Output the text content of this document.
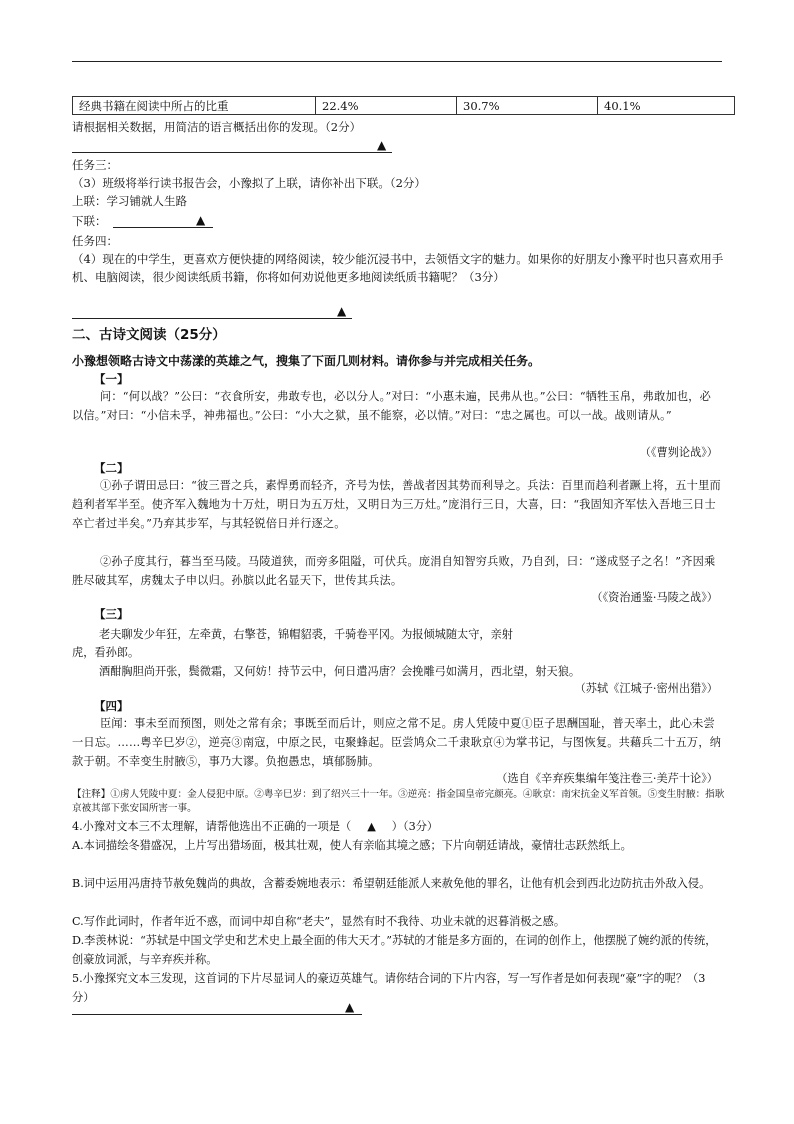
经典书籍在阅读中所占的比重	22.4%	30.7%	40.1%
请根据相关数据，用简洁的语言概括出你的发现。（2分）
▲
任务三：
（3）班级将举行读书报告会，小豫拟了上联，请你补出下联。（2分）
上联：学习铺就人生路
下联：	▲
任务四：
（4）现在的中学生，更喜欢方便快捷的网络阅读，较少能沉浸书中，去领悟文字的魅力。如果你的好朋友小豫平时也只喜欢用手机、电脑阅读，很少阅读纸质书籍，你将如何劝说他更多地阅读纸质书籍呢？（3分）
▲
二、古诗文阅读（25分）
小豫想领略古诗文中荡漾的英雄之气，搜集了下面几则材料。请你参与并完成相关任务。
【一】
问：“何以战？”公曰：“衣食所安，弗敢专也，必以分人。”对曰：“小惠未遍，民弗从也。”公曰：“牺牲玉帛，弗敢加也，必以信。”对曰：“小信未孚，神弗福也。”公曰：“小大之狱，虽不能察，必以情。”对曰：“忠之属也。可以一战。战则请从。”
（《曹刿论战》）
【二】
①孙子谓田忌曰：“彼三晋之兵，素悍勇而轻齐，齐号为怯，善战者因其势而利导之。兵法：百里而趋利者蹶上将，五十里而趋利者军半至。使齐军入魏地为十万灶，明日为五万灶，又明日为三万灶。”庞涓行三日，大喜，曰：“我固知齐军怯入吾地三日士卒亡者过半矣。”乃弃其步军，与其轻锐倍日并行逐之。
②孙子度其行，暮当至马陵。马陵道狭，而旁多阻隘，可伏兵。庞涓自知智穷兵败，乃自刭，曰：“遂成竖子之名！”齐因乘胜尽破其军，虏魏太子申以归。孙膑以此名显天下，世传其兵法。
（《资治通鉴·马陵之战》）
【三】
老夫聊发少年狂，左牵黄，右擎苍，锦帽貂裘，千骑卷平冈。为报倾城随太守，亲射
虎，看孙郎。
酒酣胸胆尚开张，鬓微霜，又何妨！持节云中，何日遣冯唐？会挽雕弓如满月，西北望，射天狼。
（苏轼《江城子·密州出猎》）
【四】
臣闻：事未至而预图，则处之常有余；事既至而后计，则应之常不足。虏人凭陵中夏①臣子思酬国耻，普天率土，此心未尝一日忘。……粤辛巳岁②，逆亮③南寇，中原之民，屯聚蜂起。臣尝鸠众二千隶耿京④为掌书记，与图恢复。共藉兵二十五万，纳款于朝。不幸变生肘腋⑤，事乃大谬。负抱愚忠，填郁肠肺。
（选自《辛弃疾集编年笺注卷三·美芹十论》）
【注释】①虏人凭陵中夏：金人侵犯中原。②粤辛巳岁：到了绍兴三十一年。③逆亮：指金国皇帝完颜亮。④耿京：南宋抗金义军首领。⑤变生肘腋：指耿京被其部下张安国所害一事。
4.小豫对文本三不太理解，请帮他选出不正确的一项是（ ▲ ）（3分）
A.本词描绘冬猎盛况，上片写出猎场面，极其壮观，使人有亲临其境之感；下片向朝廷请战，豪情壮志跃然纸上。
B.词中运用冯唐持节赦免魏尚的典故，含蓄委婉地表示：希望朝廷能派人来赦免他的罪名，让他有机会到西北边防抗击外敌入侵。
C.写作此词时，作者年近不惑，而词中却自称“老夫”，显然有时不我待、功业未就的迟暮消极之感。
D.李羡林说：“苏轼是中国文学史和艺术史上最全面的伟大天才。”苏轼的才能是多方面的，在词的创作上，他摆脱了婉约派的传统，创豪放词派，与辛弃疾并称。
5.小豫探究文本三发现，这首词的下片尽显词人的豪迈英雄气。请你结合词的下片内容，写一写作者是如何表现“豪”字的呢？（3分）
▲
